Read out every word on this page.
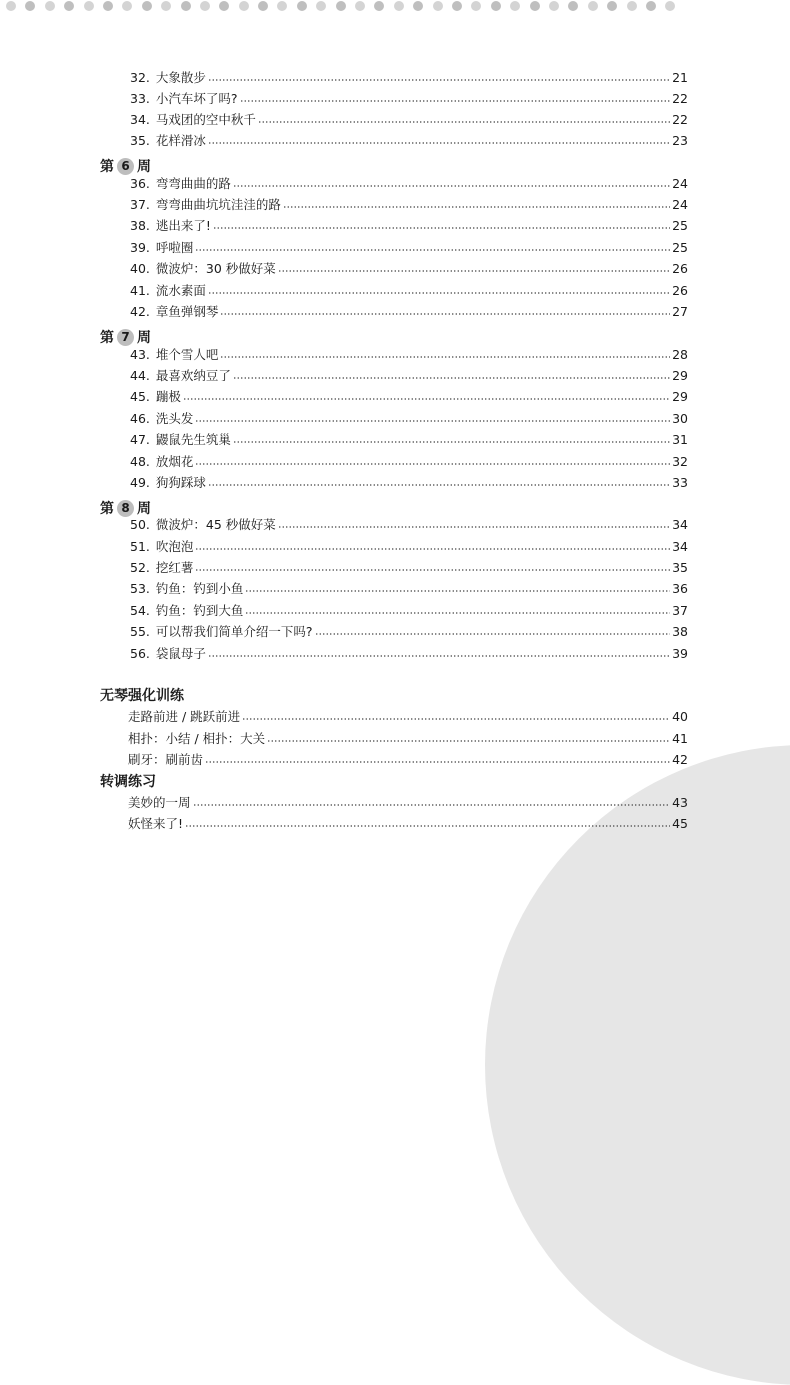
32. 大象散步	21
33. 小汽车坏了吗?	22
34. 马戏团的空中秋千	22
35. 花样滑冰	23
第 6 周
36. 弯弯曲曲的路	24
37. 弯弯曲曲坑坑洼洼的路	24
38. 逃出来了!	25
39. 呼啦圈	25
40. 微波炉：30 秒做好菜	26
41. 流水素面	26
42. 章鱼弹钢琴	27
第 7 周
43. 堆个雪人吧	28
44. 最喜欢纳豆了	29
45. 蹦极	29
46. 洗头发	30
47. 鼹鼠先生筑巢	31
48. 放烟花	32
49. 狗狗踩球	33
第 8 周
50. 微波炉：45 秒做好菜	34
51. 吹泡泡	34
52. 挖红薯	35
53. 钓鱼：钓到小鱼	36
54. 钓鱼：钓到大鱼	37
55. 可以帮我们简单介绍一下吗?	38
56. 袋鼠母子	39
无琴强化训练
走路前进 / 跳跃前进	40
相扑：小结 / 相扑：大关	41
刷牙：刷前齿	42
转调练习
美妙的一周	43
妖怪来了!	45
